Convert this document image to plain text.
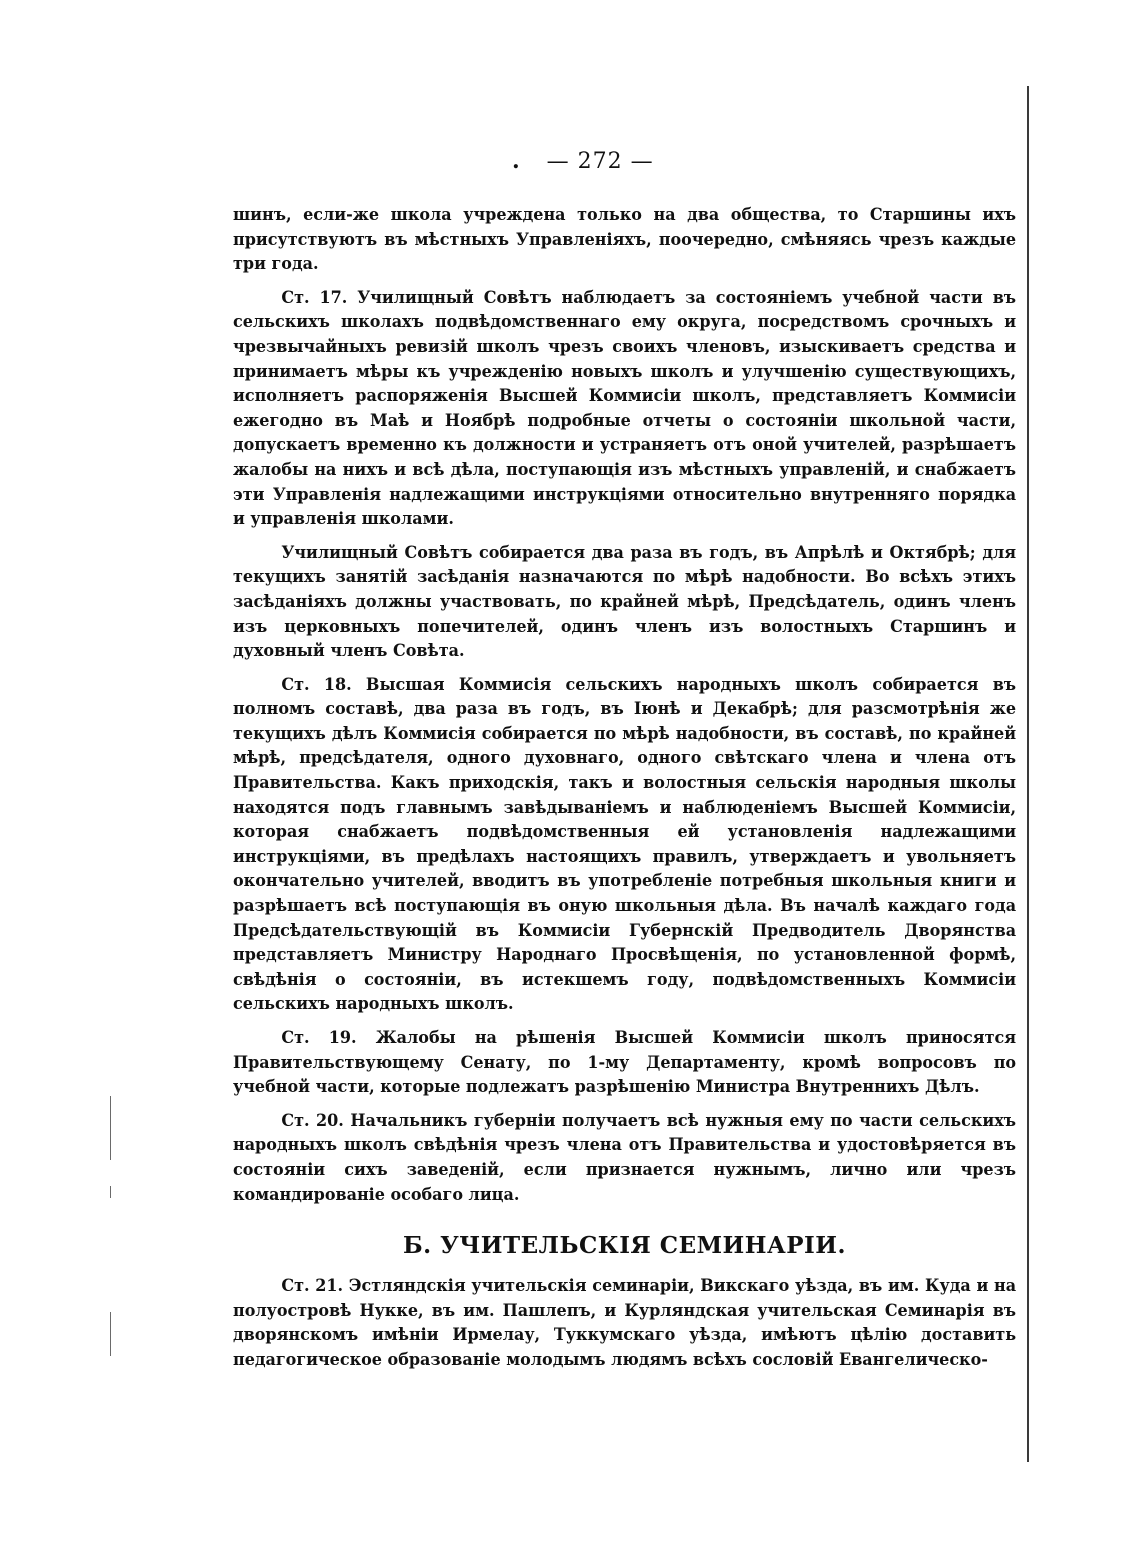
. — 272 —

шинъ, если-же школа учреждена только на два общества, то Старшины ихъ присутствуютъ въ мѣстныхъ Управленіяхъ, поочередно, смѣняясь чрезъ каждые три года.

Ст. 17. Училищный Совѣтъ наблюдаетъ за состояніемъ учебной части въ сельскихъ школахъ подвѣдомственнаго ему округа, посредствомъ срочныхъ и чрезвычайныхъ ревизій школъ чрезъ своихъ членовъ, изыскиваетъ средства и принимаетъ мѣры къ учрежденію новыхъ школъ и улучшенію существующихъ, исполняетъ распоряженія Высшей Коммисіи школъ, представляетъ Коммисіи ежегодно въ Маѣ и Ноябрѣ подробные отчеты о состояніи школьной части, допускаетъ временно къ должности и устраняетъ отъ оной учителей, разрѣшаетъ жалобы на нихъ и всѣ дѣла, поступающія изъ мѣстныхъ управленій, и снабжаетъ эти Управленія надлежащими инструкціями относительно внутренняго порядка и управленія школами.

Училищный Совѣтъ собирается два раза въ годъ, въ Апрѣлѣ и Октябрѣ; для текущихъ занятій засѣданія назначаются по мѣрѣ надобности. Во всѣхъ этихъ засѣданіяхъ должны участвовать, по крайней мѣрѣ, Предсѣдатель, одинъ членъ изъ церковныхъ попечителей, одинъ членъ изъ волостныхъ Старшинъ и духовный членъ Совѣта.

Ст. 18. Высшая Коммисія сельскихъ народныхъ школъ собирается въ полномъ составѣ, два раза въ годъ, въ Іюнѣ и Декабрѣ; для разсмотрѣнія же текущихъ дѣлъ Коммисія собирается по мѣрѣ надобности, въ составѣ, по крайней мѣрѣ, предсѣдателя, одного духовнаго, одного свѣтскаго члена и члена отъ Правительства. Какъ приходскія, такъ и волостныя сельскія народныя школы находятся подъ главнымъ завѣдываніемъ и наблюденіемъ Высшей Коммисіи, которая снабжаетъ подвѣдомственныя ей установленія надлежащими инструкціями, въ предѣлахъ настоящихъ правилъ, утверждаетъ и увольняетъ окончательно учителей, вводитъ въ употребленіе потребныя школьныя книги и разрѣшаетъ всѣ поступающія въ оную школьныя дѣла. Въ началѣ каждаго года Предсѣдательствующій въ Коммисіи Губернскій Предводитель Дворянства представляетъ Министру Народнаго Просвѣщенія, по установленной формѣ, свѣдѣнія о состояніи, въ истекшемъ году, подвѣдомственныхъ Коммисіи сельскихъ народныхъ школъ.

Ст. 19. Жалобы на рѣшенія Высшей Коммисіи школъ приносятся Правительствующему Сенату, по 1-му Департаменту, кромѣ вопросовъ по учебной части, которые подлежатъ разрѣшенію Министра Внутреннихъ Дѣлъ.

Ст. 20. Начальникъ губерніи получаетъ всѣ нужныя ему по части сельскихъ народныхъ школъ свѣдѣнія чрезъ члена отъ Правительства и удостовѣряется въ состояніи сихъ заведеній, если признается нужнымъ, лично или чрезъ командированіе особаго лица.

Б. УЧИТЕЛЬСКІЯ СЕМИНАРІИ.

Ст. 21. Эстляндскія учительскія семинаріи, Викскаго уѣзда, въ им. Куда и на полуостровѣ Нукке, въ им. Пашлепъ, и Курляндская учительская Семинарія въ дворянскомъ имѣніи Ирмелау, Туккумскаго уѣзда, имѣютъ цѣлію доставить педагогическое образованіе молодымъ людямъ всѣхъ сословій Евангелическо-
